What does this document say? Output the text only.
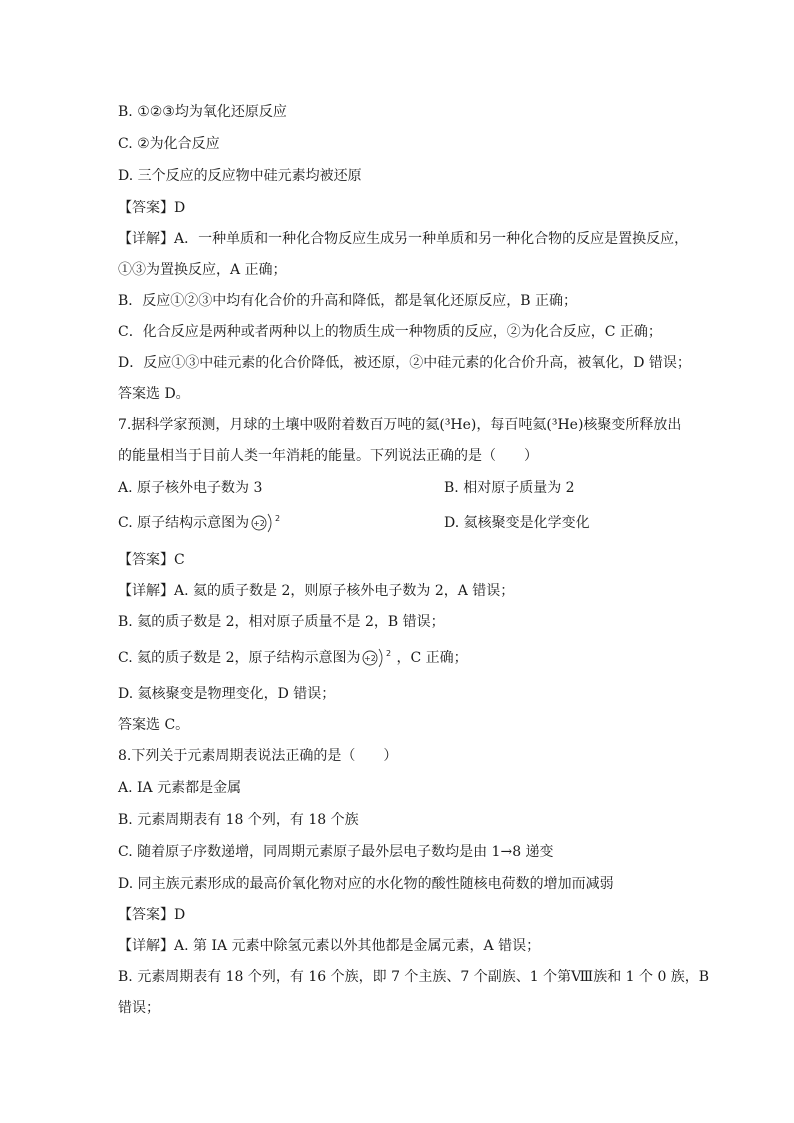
B. ①②③均为氧化还原反应
C. ②为化合反应
D. 三个反应的反应物中硅元素均被还原
【答案】D
【详解】A．一种单质和一种化合物反应生成另一种单质和另一种化合物的反应是置换反应，
①③为置换反应，A 正确；
B．反应①②③中均有化合价的升高和降低，都是氧化还原反应，B 正确；
C．化合反应是两种或者两种以上的物质生成一种物质的反应，②为化合反应，C 正确；
D．反应①③中硅元素的化合价降低，被还原，②中硅元素的化合价升高，被氧化，D 错误；
答案选 D。
7.据科学家预测，月球的土壤中吸附着数百万吨的氦(³He)，每百吨氦(³He)核聚变所释放出
的能量相当于目前人类一年消耗的能量。下列说法正确的是（　　）
A. 原子核外电子数为 3	B. 相对原子质量为 2
C. 原子结构示意图为 +2
2	D. 氦核聚变是化学变化
【答案】C
【详解】A. 氦的质子数是 2，则原子核外电子数为 2，A 错误；
B. 氦的质子数是 2，相对原子质量不是 2，B 错误；
C. 氦的质子数是 2，原子结构示意图为 +2
2 ，C 正确；
D. 氦核聚变是物理变化，D 错误；
答案选 C。
8.下列关于元素周期表说法正确的是（　　）
A. IA 元素都是金属
B. 元素周期表有 18 个列，有 18 个族
C. 随着原子序数递增，同周期元素原子最外层电子数均是由 1→8 递变
D. 同主族元素形成的最高价氧化物对应的水化物的酸性随核电荷数的增加而减弱
【答案】D
【详解】A. 第 IA 元素中除氢元素以外其他都是金属元素，A 错误；
B. 元素周期表有 18 个列，有 16 个族，即 7 个主族、7 个副族、1 个第Ⅷ族和 1 个 0 族，B
错误；
